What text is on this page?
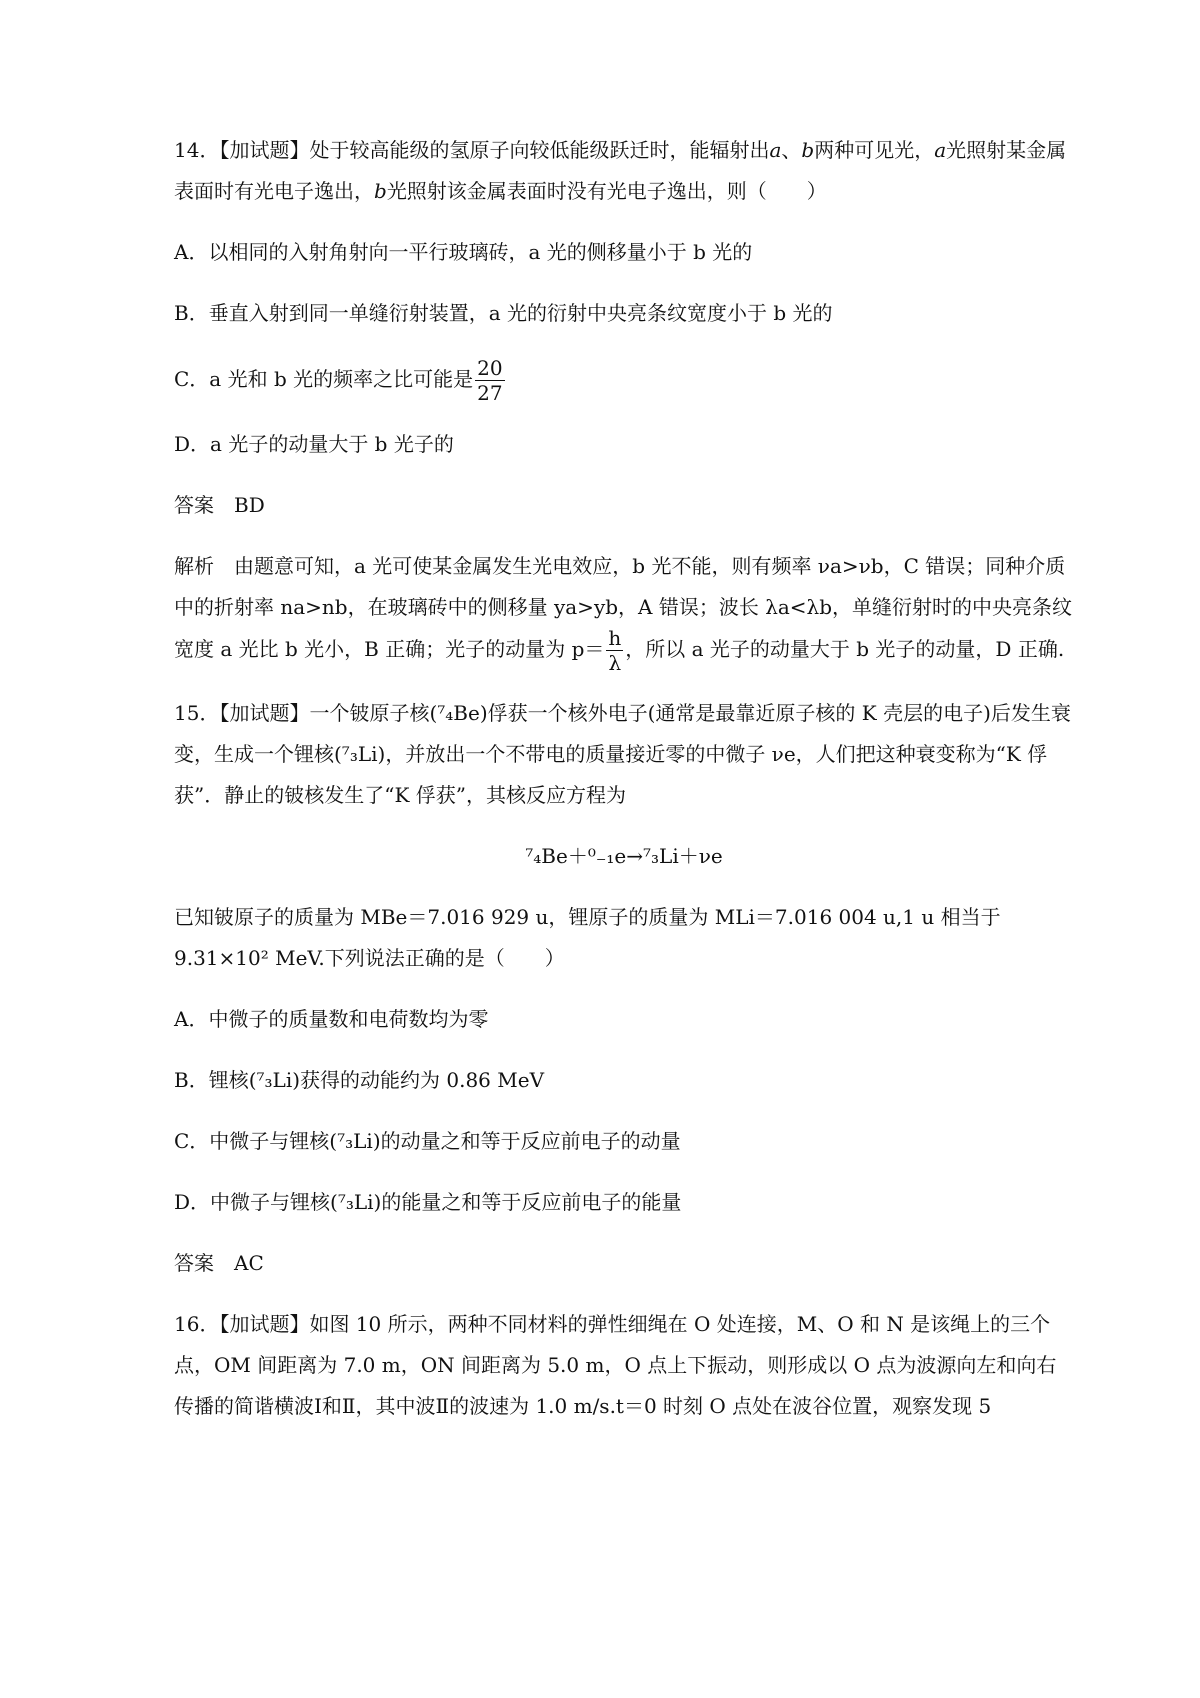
14．【加试题】处于较高能级的氢原子向较低能级跃迁时，能辐射出a、b两种可见光，a光照射某金属表面时有光电子逸出，b光照射该金属表面时没有光电子逸出，则（　　）

A．以相同的入射角射向一平行玻璃砖，a 光的侧移量小于 b 光的

B．垂直入射到同一单缝衍射装置，a 光的衍射中央亮条纹宽度小于 b 光的

C．a 光和 b 光的频率之比可能是 $\frac{20}{27}$

D．a 光子的动量大于 b 光子的

答案　BD

解析　由题意可知，a 光可使某金属发生光电效应，b 光不能，则有频率 νa>νb，C 错误；同种介质中的折射率 na>nb，在玻璃砖中的侧移量 ya>yb，A 错误；波长 λa<λb，单缝衍射时的中央亮条纹宽度 a 光比 b 光小，B 正确；光子的动量为 $p= \frac{h}{\lambda}$ ，所以 a 光子的动量大于 b 光子的动量，D 正确.

15．【加试题】一个铍原子核(⁷₄Be)俘获一个核外电子(通常是最靠近原子核的 K 壳层的电子)后发生衰变，生成一个锂核(⁷₃Li)，并放出一个不带电的质量接近零的中微子 νe，人们把这种衰变称为“K 俘获”．静止的铍核发生了“K 俘获”，其核反应方程为

⁷₄Be＋⁰₋₁e→⁷₃Li＋νe

已知铍原子的质量为 MBe＝7.016 929 u，锂原子的质量为 MLi＝7.016 004 u,1 u 相当于 9.31×10² MeV.下列说法正确的是（　　）

A．中微子的质量数和电荷数均为零

B．锂核(⁷₃Li)获得的动能约为 0.86 MeV

C．中微子与锂核(⁷₃Li)的动量之和等于反应前电子的动量

D．中微子与锂核(⁷₃Li)的能量之和等于反应前电子的能量

答案　AC

16．【加试题】如图 10 所示，两种不同材料的弹性细绳在 O 处连接，M、O 和 N 是该绳上的三个点，OM 间距离为 7.0 m，ON 间距离为 5.0 m，O 点上下振动，则形成以 O 点为波源向左和向右传播的简谐横波Ⅰ和Ⅱ，其中波Ⅱ的波速为 1.0 m/s.t＝0 时刻 O 点处在波谷位置，观察发现 5
